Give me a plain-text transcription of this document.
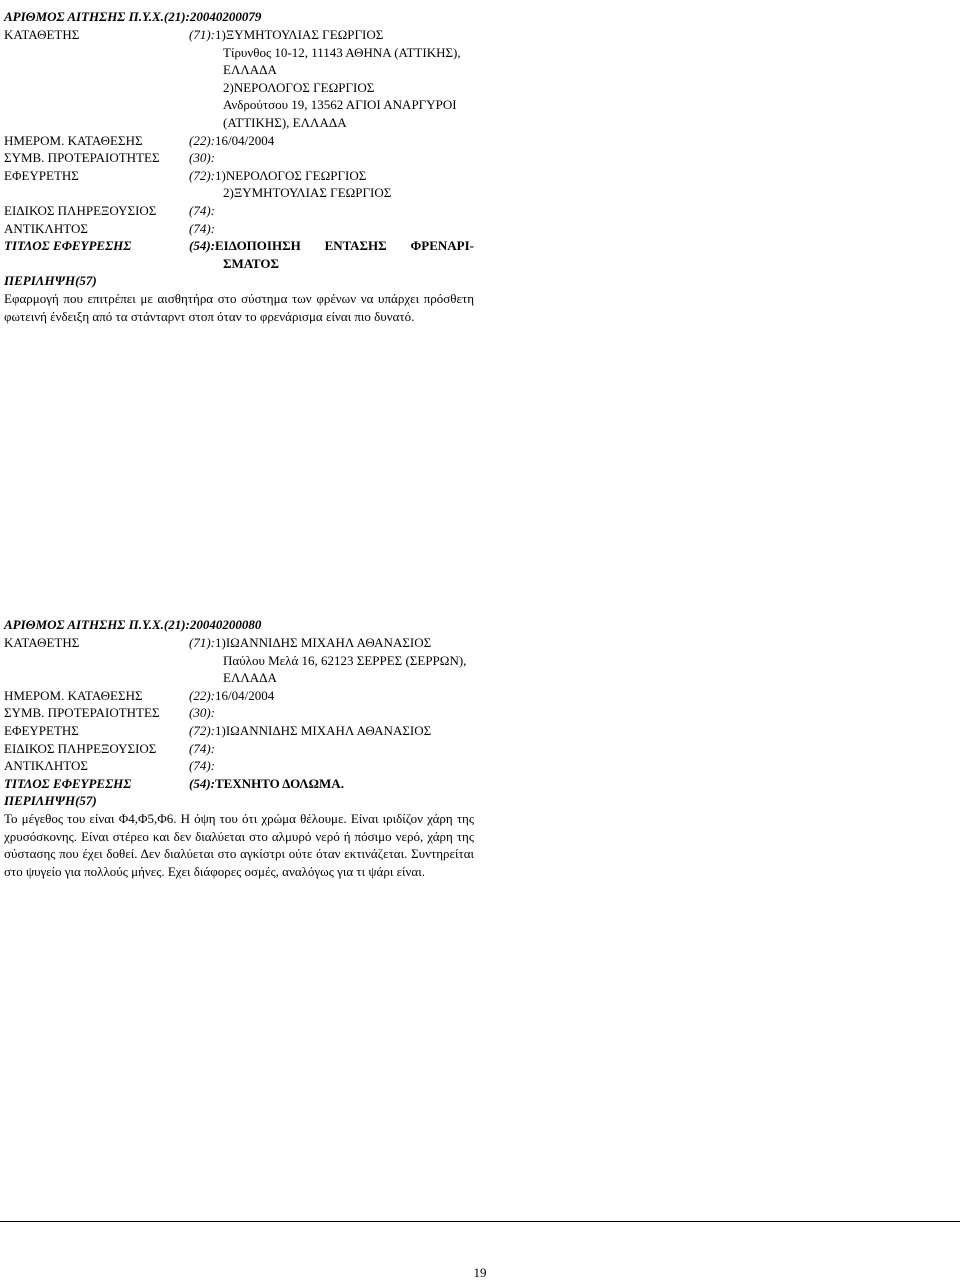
ΑΡΙΘΜΟΣ ΑΙΤΗΣΗΣ Π.Υ.Χ.(21):20040200079
ΚΑΤΑΘΕΤΗΣ	(71):1)ΞΥΜΗΤΟΥΛΙΑΣ ΓΕΩΡΓΙΟΣ
Τίρυνθος 10-12, 11143 ΑΘΗΝΑ (ΑΤΤΙΚΗΣ),
ΕΛΛΑΔΑ
2)ΝΕΡΟΛΟΓΟΣ ΓΕΩΡΓΙΟΣ
Ανδρούτσου 19, 13562 ΑΓΙΟΙ ΑΝΑΡΓΥΡΟΙ
(ΑΤΤΙΚΗΣ), ΕΛΛΑΔΑ
ΗΜΕΡΟΜ. ΚΑΤΑΘΕΣΗΣ	(22):16/04/2004
ΣΥΜΒ. ΠΡΟΤΕΡΑΙΟΤΗΤΕΣ	(30):
ΕΦΕΥΡΕΤΗΣ	(72):1)ΝΕΡΟΛΟΓΟΣ ΓΕΩΡΓΙΟΣ
2)ΞΥΜΗΤΟΥΛΙΑΣ ΓΕΩΡΓΙΟΣ
ΕΙΔΙΚΟΣ ΠΛΗΡΕΞΟΥΣΙΟΣ	(74):
ΑΝΤΙΚΛΗΤΟΣ	(74):
ΤΙΤΛΟΣ ΕΦΕΥΡΕΣΗΣ	(54):ΕΙΔΟΠΟΙΗΣΗ ΕΝΤΑΣΗΣ ΦΡΕΝΑΡΙ-
ΣΜΑΤΟΣ
ΠΕΡΙΛΗΨΗ(57)
Εφαρμογή που επιτρέπει με αισθητήρα στο σύστημα των φρένων να υπάρχει πρόσθετη φωτεινή ένδειξη από τα στάνταρντ στοπ όταν το φρενάρισμα είναι πιο δυνατό.
ΑΡΙΘΜΟΣ ΑΙΤΗΣΗΣ Π.Υ.Χ.(21):20040200080
ΚΑΤΑΘΕΤΗΣ	(71):1)ΙΩΑΝΝΙΔΗΣ ΜΙΧΑΗΛ ΑΘΑΝΑΣΙΟΣ
Παύλου Μελά 16, 62123 ΣΕΡΡΕΣ (ΣΕΡΡΩΝ),
ΕΛΛΑΔΑ
ΗΜΕΡΟΜ. ΚΑΤΑΘΕΣΗΣ	(22):16/04/2004
ΣΥΜΒ. ΠΡΟΤΕΡΑΙΟΤΗΤΕΣ	(30):
ΕΦΕΥΡΕΤΗΣ	(72):1)ΙΩΑΝΝΙΔΗΣ ΜΙΧΑΗΛ ΑΘΑΝΑΣΙΟΣ
ΕΙΔΙΚΟΣ ΠΛΗΡΕΞΟΥΣΙΟΣ	(74):
ΑΝΤΙΚΛΗΤΟΣ	(74):
ΤΙΤΛΟΣ ΕΦΕΥΡΕΣΗΣ	(54):ΤΕΧΝΗΤΟ ΔΟΛΩΜΑ.
ΠΕΡΙΛΗΨΗ(57)
Το μέγεθος του είναι Φ4,Φ5,Φ6. Η όψη του ότι χρώμα θέλουμε. Είναι ιριδίζον χάρη της χρυσόσκονης. Είναι στέρεο και δεν διαλύεται στο αλμυρό νερό ή πόσιμο νερό, χάρη της σύστασης που έχει δοθεί. Δεν διαλύεται στο αγκίστρι ούτε όταν εκτινάζεται. Συντηρείται στο ψυγείο για πολλούς μήνες. Εχει διάφορες οσμές, αναλόγως για τι ψάρι είναι.
19
